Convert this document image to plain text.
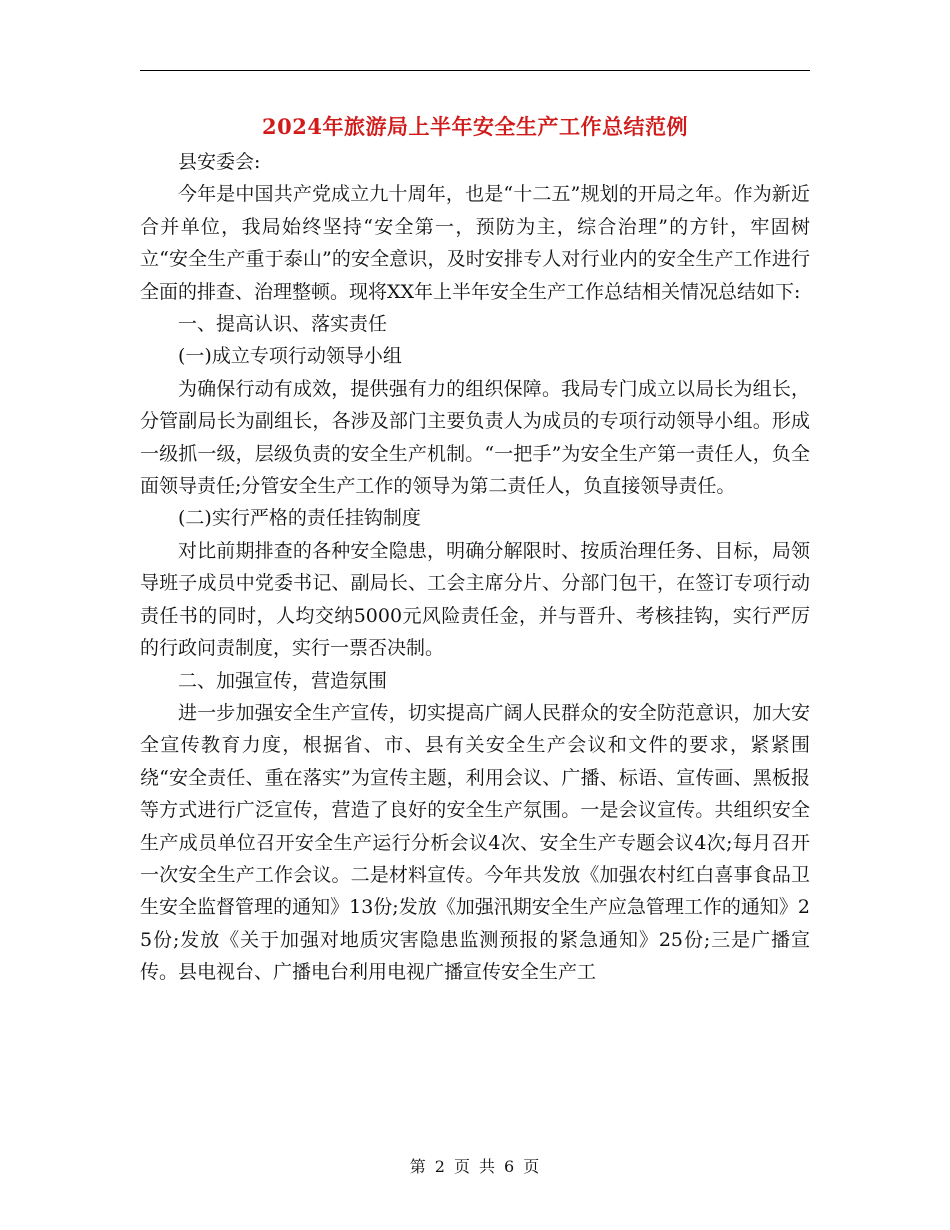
2024年旅游局上半年安全生产工作总结范例

县安委会:

今年是中国共产党成立九十周年，也是“十二五”规划的开局之年。作为新近合并单位，我局始终坚持“安全第一，预防为主，综合治理”的方针，牢固树立“安全生产重于泰山”的安全意识，及时安排专人对行业内的安全生产工作进行全面的排查、治理整顿。现将XX年上半年安全生产工作总结相关情况总结如下:

一、提高认识、落实责任

(一)成立专项行动领导小组

为确保行动有成效，提供强有力的组织保障。我局专门成立以局长为组长，分管副局长为副组长，各涉及部门主要负责人为成员的专项行动领导小组。形成一级抓一级，层级负责的安全生产机制。“一把手”为安全生产第一责任人，负全面领导责任;分管安全生产工作的领导为第二责任人，负直接领导责任。

(二)实行严格的责任挂钩制度

对比前期排查的各种安全隐患，明确分解限时、按质治理任务、目标，局领导班子成员中党委书记、副局长、工会主席分片、分部门包干，在签订专项行动责任书的同时，人均交纳5000元风险责任金，并与晋升、考核挂钩，实行严厉的行政问责制度，实行一票否决制。

二、加强宣传，营造氛围

进一步加强安全生产宣传，切实提高广阔人民群众的安全防范意识，加大安全宣传教育力度，根据省、市、县有关安全生产会议和文件的要求，紧紧围绕“安全责任、重在落实”为宣传主题，利用会议、广播、标语、宣传画、黑板报等方式进行广泛宣传，营造了良好的安全生产氛围。一是会议宣传。共组织安全生产成员单位召开安全生产运行分析会议4次、安全生产专题会议4次;每月召开一次安全生产工作会议。二是材料宣传。今年共发放《加强农村红白喜事食品卫生安全监督管理的通知》13份;发放《加强汛期安全生产应急管理工作的通知》25份;发放《关于加强对地质灾害隐患监测预报的紧急通知》25份;三是广播宣传。县电视台、广播电台利用电视广播宣传安全生产工

第 2 页 共 6 页
